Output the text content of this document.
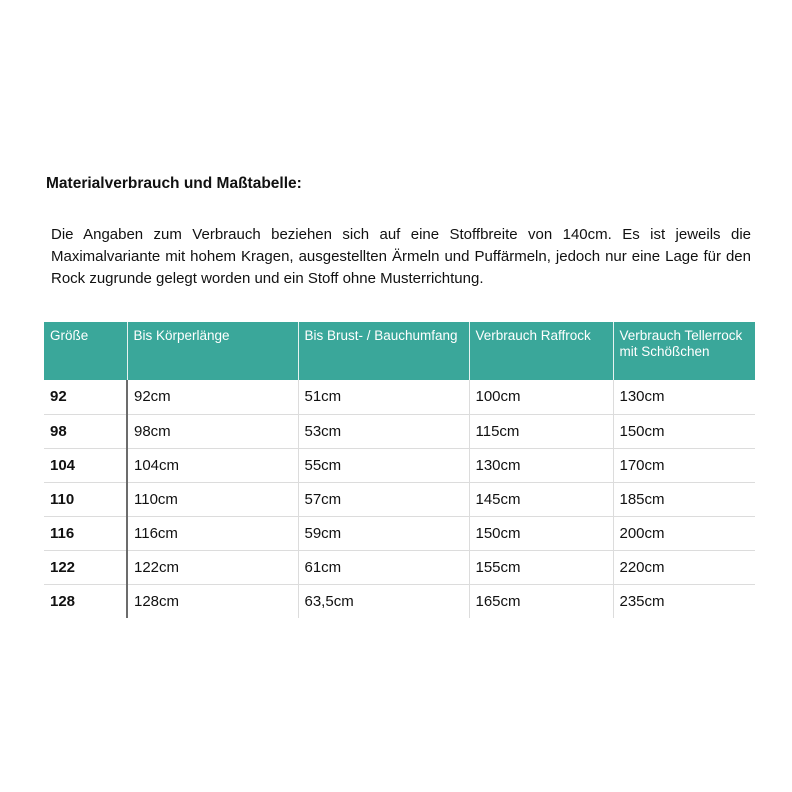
Materialverbrauch und Maßtabelle:
Die Angaben zum Verbrauch beziehen sich auf eine Stoffbreite von 140cm. Es ist jeweils die Maximalvariante mit hohem Kragen, ausgestellten Ärmeln und Puffärmeln, jedoch nur eine Lage für den Rock zugrunde gelegt worden und ein Stoff ohne Musterrichtung.
Größe	Bis Körperlänge	Bis Brust- / Bauchumfang	Verbrauch Raffrock	Verbrauch Tellerrock mit Schößchen
92	92cm	51cm	100cm	130cm
98	98cm	53cm	115cm	150cm
104	104cm	55cm	130cm	170cm
110	110cm	57cm	145cm	185cm
116	116cm	59cm	150cm	200cm
122	122cm	61cm	155cm	220cm
128	128cm	63,5cm	165cm	235cm
